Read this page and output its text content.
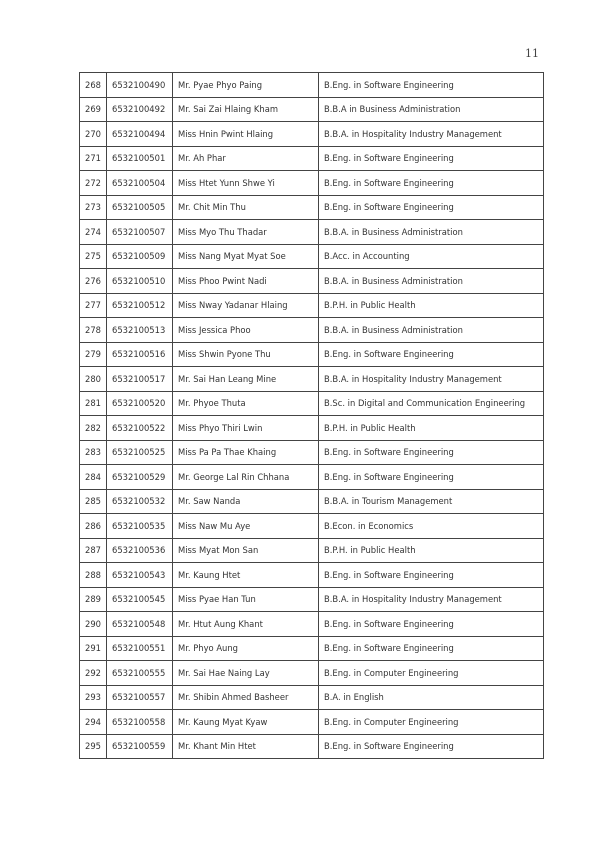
11
268	6532100490	Mr. Pyae Phyo Paing	B.Eng. in Software Engineering
269	6532100492	Mr. Sai Zai Hlaing Kham	B.B.A in Business Administration
270	6532100494	Miss Hnin Pwint Hlaing	B.B.A. in Hospitality Industry Management
271	6532100501	Mr. Ah Phar	B.Eng. in Software Engineering
272	6532100504	Miss Htet Yunn Shwe Yi	B.Eng. in Software Engineering
273	6532100505	Mr. Chit Min Thu	B.Eng. in Software Engineering
274	6532100507	Miss Myo Thu Thadar	B.B.A. in Business Administration
275	6532100509	Miss Nang Myat Myat Soe	B.Acc. in Accounting
276	6532100510	Miss Phoo Pwint Nadi	B.B.A. in Business Administration
277	6532100512	Miss Nway Yadanar Hlaing	B.P.H. in Public Health
278	6532100513	Miss Jessica Phoo	B.B.A. in Business Administration
279	6532100516	Miss Shwin Pyone Thu	B.Eng. in Software Engineering
280	6532100517	Mr. Sai Han Leang Mine	B.B.A. in Hospitality Industry Management
281	6532100520	Mr. Phyoe Thuta	B.Sc. in Digital and Communication Engineering
282	6532100522	Miss Phyo Thiri Lwin	B.P.H. in Public Health
283	6532100525	Miss Pa Pa Thae Khaing	B.Eng. in Software Engineering
284	6532100529	Mr. George Lal Rin Chhana	B.Eng. in Software Engineering
285	6532100532	Mr. Saw Nanda	B.B.A. in Tourism Management
286	6532100535	Miss Naw Mu Aye	B.Econ. in Economics
287	6532100536	Miss Myat Mon San	B.P.H. in Public Health
288	6532100543	Mr. Kaung Htet	B.Eng. in Software Engineering
289	6532100545	Miss Pyae Han Tun	B.B.A. in Hospitality Industry Management
290	6532100548	Mr. Htut Aung Khant	B.Eng. in Software Engineering
291	6532100551	Mr. Phyo Aung	B.Eng. in Software Engineering
292	6532100555	Mr. Sai Hae Naing Lay	B.Eng. in Computer Engineering
293	6532100557	Mr. Shibin Ahmed Basheer	B.A. in English
294	6532100558	Mr. Kaung Myat Kyaw	B.Eng. in Computer Engineering
295	6532100559	Mr. Khant Min Htet	B.Eng. in Software Engineering
